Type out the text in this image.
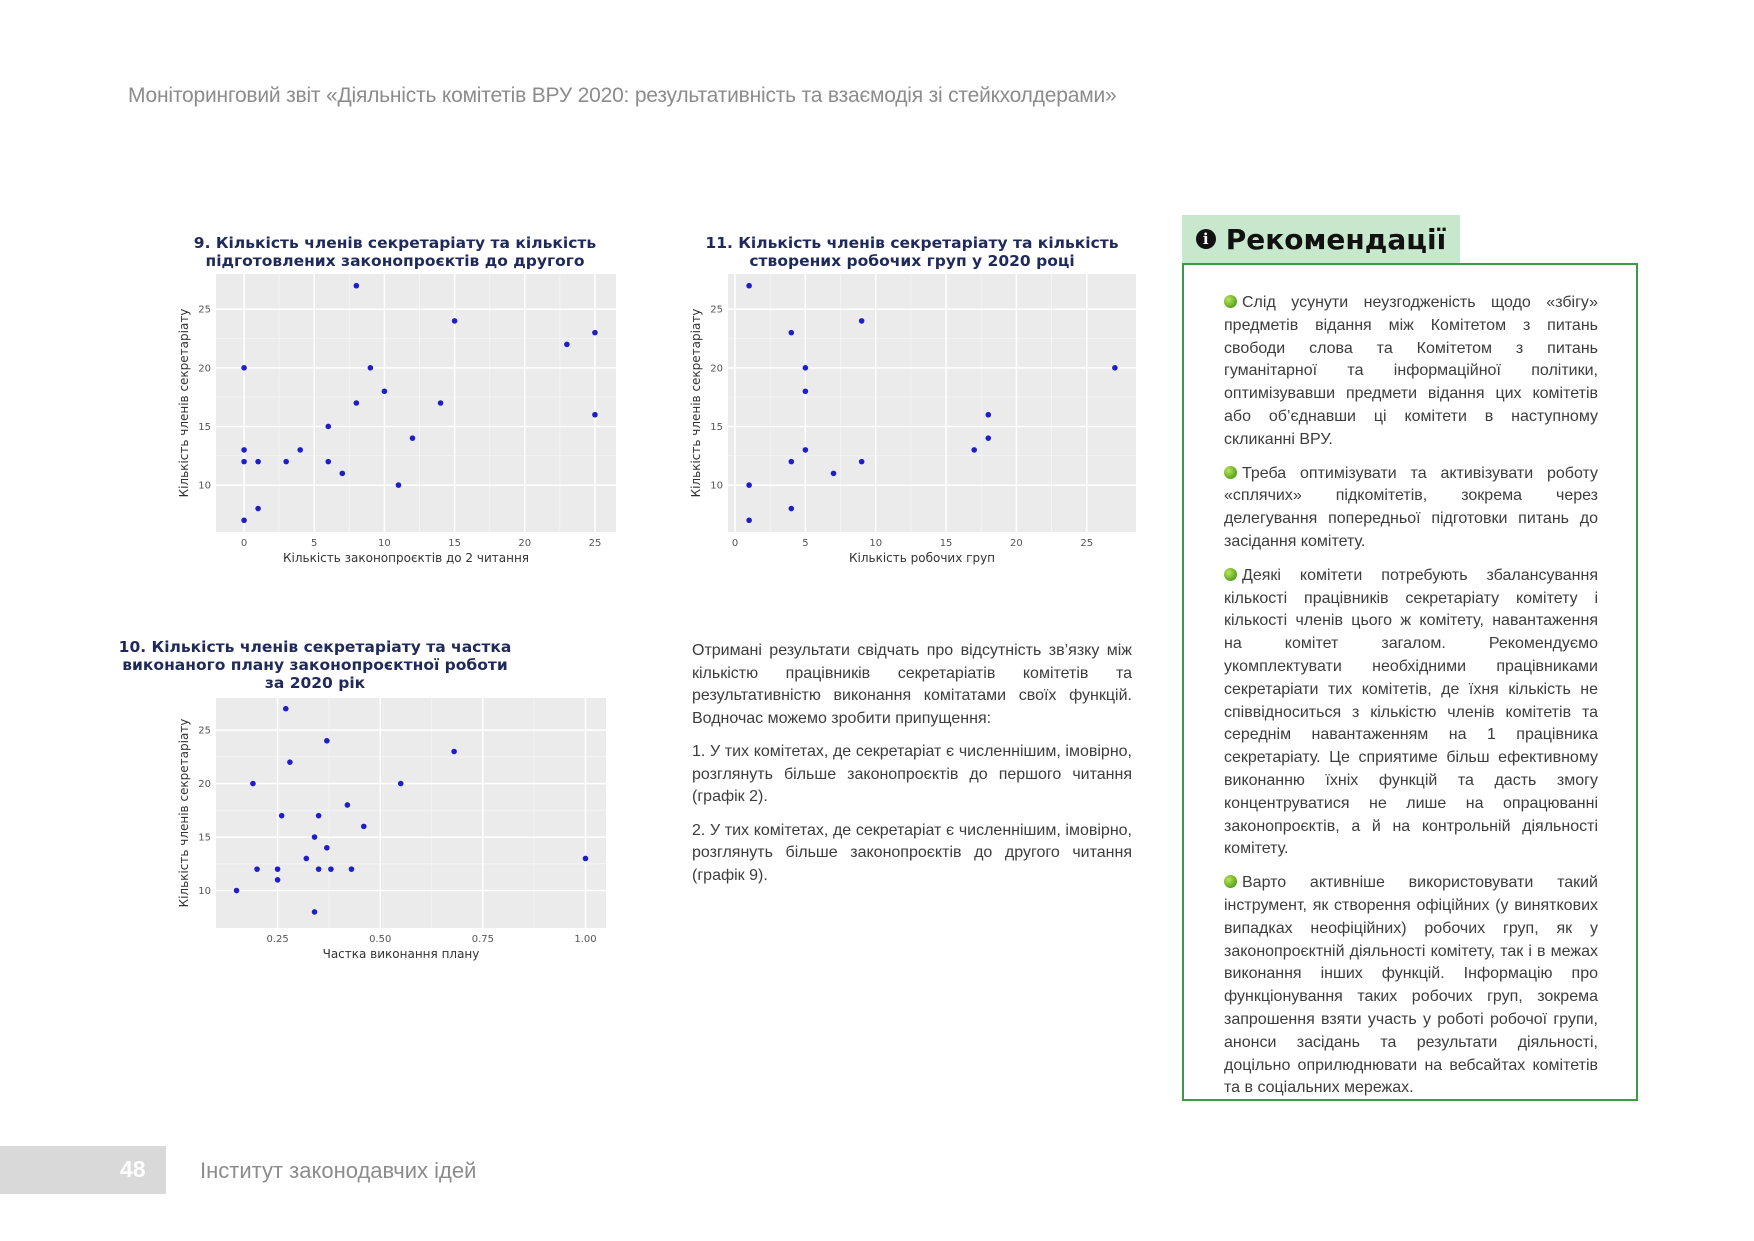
Моніторинговий звіт «Діяльність комітетів ВРУ 2020: результативність та взаємодія зі стейкхолдерами»
9. Кількість членів секретаріату та кількість
підготовлених законопроєктів до другого
0	5	10	15	20	25
10
15
20
25
Кількість законопроєктів до 2 читання
Кількість членів секретаріату
11. Кількість членів секретаріату та кількість
створених робочих груп у 2020 році
0	5	10	15	20	25
10
15
20
25
Кількість робочих груп
Кількість членів секретаріату
10. Кількість членів секретаріату та частка
виконаного плану законопроєктної роботи
за 2020 рік
0.25	0.50	0.75	1.00
10
15
20
25
Частка виконання плану
Кількість членів секретаріату

Отримані результати свідчать про відсутність зв’язку між кількістю працівників секретаріатів комітетів та результативністю виконання комітатами своїх функцій. Водночас можемо зробити припущення:

1. У тих комітетах, де секретаріат є численнішим, імовірно, розглянуть більше законопроєктів до першого читання (графік 2).

2. У тих комітетах, де секретаріат є численнішим, імовірно, розглянуть більше законопроєктів до другого читання (графік 9).

i Рекомендації
Слід усунути неузгодженість щодо «збігу» предметів відання між Комітетом з питань свободи слова та Комітетом з питань гуманітарної та інформаційної політики, оптимізувавши предмети відання цих комітетів або об’єднавши ці комітети в наступному скликанні ВРУ.
Треба оптимізувати та активізувати роботу «сплячих» підкомітетів, зокрема через делегування попередньої підготовки питань до засідання комітету.
Деякі комітети потребують збалансування кількості працівників секретаріату комітету і кількості членів цього ж комітету, навантаження на комітет загалом. Рекомендуємо укомплектувати необхідними працівниками секретаріати тих комітетів, де їхня кількість не співвідноситься з кількістю членів комітетів та середнім навантаженням на 1 працівника секретаріату. Це сприятиме більш ефективному виконанню їхніх функцій та дасть змогу концентруватися не лише на опрацюванні законопроєктів, а й на контрольній діяльності комітету.
Варто активніше використовувати такий інструмент, як створення офіційних (у виняткових випадках неофіційних) робочих груп, як у законопроєктній діяльності комітету, так і в межах виконання інших функцій. Інформацію про функціонування таких робочих груп, зокрема запрошення взяти участь у роботі робочої групи, анонси засідань та результати діяльності, доцільно оприлюднювати на вебсайтах комітетів та в соціальних мережах.
48 Інститут законодавчих ідей
